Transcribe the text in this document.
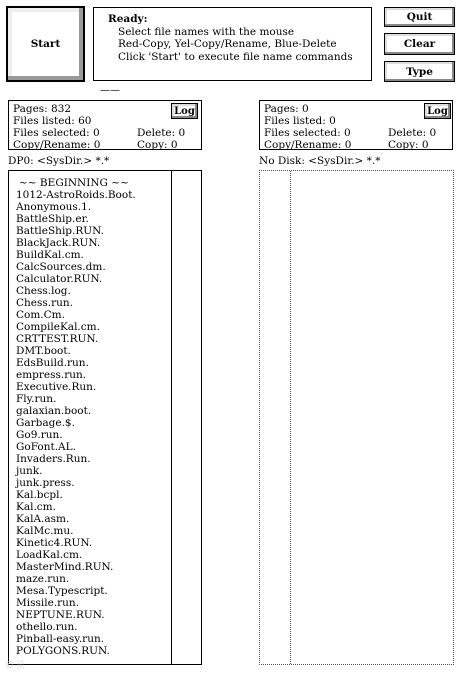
Start
Ready:
Select file names with the mouse
Red-Copy, Yel-Copy/Rename, Blue-Delete
Click 'Start' to execute file name commands
Quit
Clear
Type
——
Pages: 832
Files listed: 60
Files selected: 0	Delete: 0
Copy/Rename: 0	Copy: 0
Log	Pages: 0
Files listed: 0
Files selected: 0	Delete: 0
Copy/Rename: 0	Copy: 0
Log
DP0: <SysDir.> *.*	No Disk: <SysDir.> *.*
~~ BEGINNING ~~
1012-AstroRoids.Boot.
Anonymous.1.
BattleShip.er.
BattleShip.RUN.
BlackJack.RUN.
BuildKal.cm.
CalcSources.dm.
Calculator.RUN.
Chess.log.
Chess.run.
Com.Cm.
CompileKal.cm.
CRTTEST.RUN.
DMT.boot.
EdsBuild.run.
empress.run.
Executive.Run.
Fly.run.
galaxian.boot.
Garbage.$.
Go9.run.
GoFont.AL.
Invaders.Run.
junk.
junk.press.
Kal.bcpl.
Kal.cm.
KalA.asm.
KalMc.mu.
Kinetic4.RUN.
LoadKal.cm.
MasterMind.RUN.
maze.run.
Mesa.Typescript.
Missile.run.
NEPTUNE.RUN.
othello.run.
Pinball-easy.run.
POLYGONS.RUN.
© 🖹
